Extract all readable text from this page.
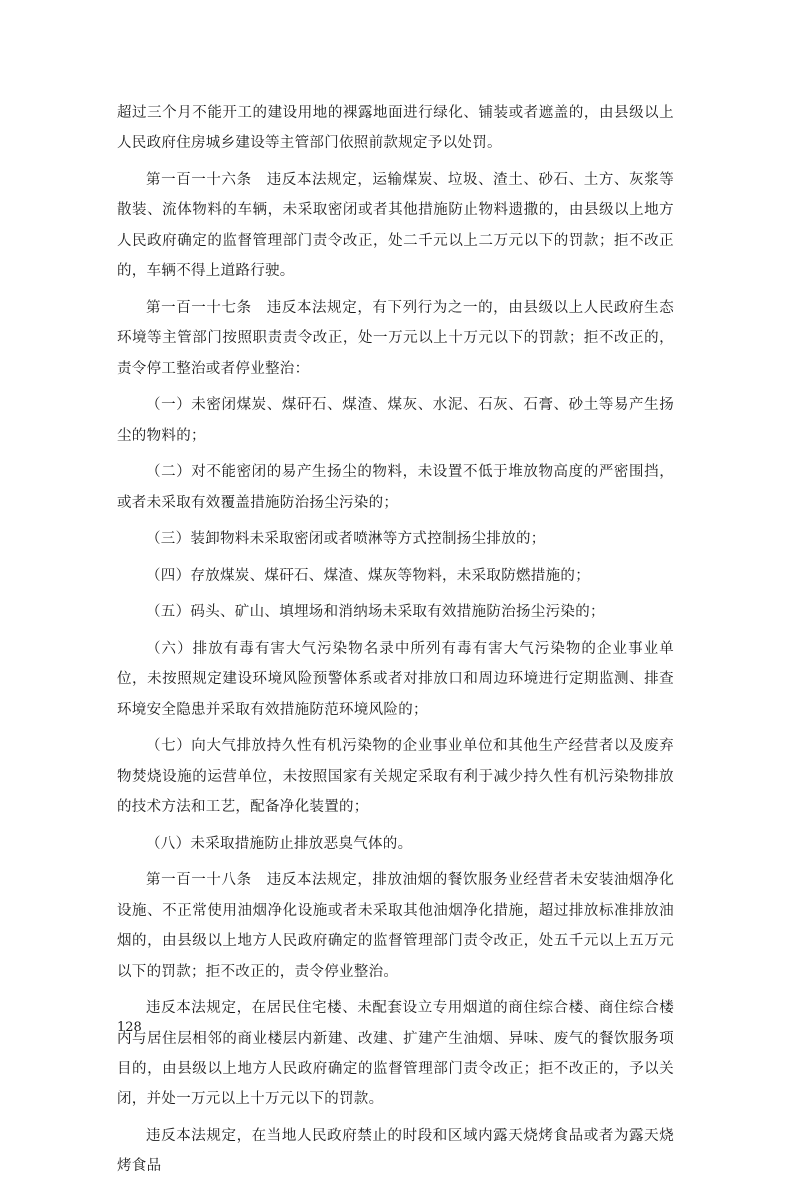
超过三个月不能开工的建设用地的裸露地面进行绿化、铺装或者遮盖的，由县级以上人民政府住房城乡建设等主管部门依照前款规定予以处罚。

第一百一十六条　违反本法规定，运输煤炭、垃圾、渣土、砂石、土方、灰浆等散装、流体物料的车辆，未采取密闭或者其他措施防止物料遗撒的，由县级以上地方人民政府确定的监督管理部门责令改正，处二千元以上二万元以下的罚款；拒不改正的，车辆不得上道路行驶。

第一百一十七条　违反本法规定，有下列行为之一的，由县级以上人民政府生态环境等主管部门按照职责责令改正，处一万元以上十万元以下的罚款；拒不改正的，责令停工整治或者停业整治：

（一）未密闭煤炭、煤矸石、煤渣、煤灰、水泥、石灰、石膏、砂土等易产生扬尘的物料的；

（二）对不能密闭的易产生扬尘的物料，未设置不低于堆放物高度的严密围挡，或者未采取有效覆盖措施防治扬尘污染的；

（三）装卸物料未采取密闭或者喷淋等方式控制扬尘排放的；

（四）存放煤炭、煤矸石、煤渣、煤灰等物料，未采取防燃措施的；

（五）码头、矿山、填埋场和消纳场未采取有效措施防治扬尘污染的；

（六）排放有毒有害大气污染物名录中所列有毒有害大气污染物的企业事业单位，未按照规定建设环境风险预警体系或者对排放口和周边环境进行定期监测、排查环境安全隐患并采取有效措施防范环境风险的；

（七）向大气排放持久性有机污染物的企业事业单位和其他生产经营者以及废弃物焚烧设施的运营单位，未按照国家有关规定采取有利于减少持久性有机污染物排放的技术方法和工艺，配备净化装置的；

（八）未采取措施防止排放恶臭气体的。

第一百一十八条　违反本法规定，排放油烟的餐饮服务业经营者未安装油烟净化设施、不正常使用油烟净化设施或者未采取其他油烟净化措施，超过排放标准排放油烟的，由县级以上地方人民政府确定的监督管理部门责令改正，处五千元以上五万元以下的罚款；拒不改正的，责令停业整治。

违反本法规定，在居民住宅楼、未配套设立专用烟道的商住综合楼、商住综合楼内与居住层相邻的商业楼层内新建、改建、扩建产生油烟、异味、废气的餐饮服务项目的，由县级以上地方人民政府确定的监督管理部门责令改正；拒不改正的，予以关闭，并处一万元以上十万元以下的罚款。

违反本法规定，在当地人民政府禁止的时段和区域内露天烧烤食品或者为露天烧烤食品

128
